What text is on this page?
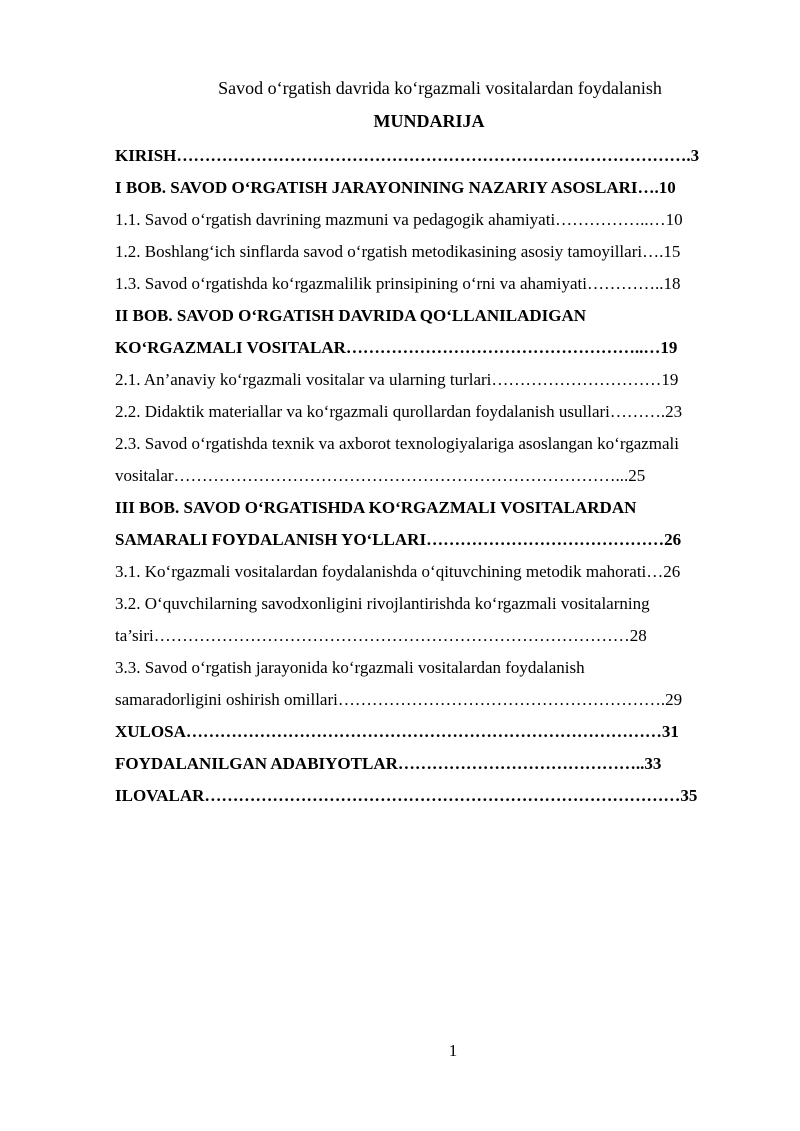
Savod o‘rgatish davrida ko‘rgazmali vositalardan foydalanish
MUNDARIJA
KIRISH……………………………………………………………………………….3
I BOB. SAVOD O‘RGATISH JARAYONINING NAZARIY ASOSLARI….10
1.1. Savod o‘rgatish davrining mazmuni va pedagogik ahamiyati……………..…10
1.2. Boshlang‘ich sinflarda savod o‘rgatish metodikasining asosiy tamoyillari….15
1.3. Savod o‘rgatishda ko‘rgazmalilik prinsipining o‘rni va ahamiyati…………..18
II BOB. SAVOD O‘RGATISH DAVRIDA QO‘LLANILADIGAN
KO‘RGAZMALI VOSITALAR……………………………………………..…19
2.1. An’anaviy ko‘rgazmali vositalar va ularning turlari…………………………19
2.2. Didaktik materiallar va ko‘rgazmali qurollardan foydalanish usullari……….23
2.3. Savod o‘rgatishda texnik va axborot texnologiyalariga asoslangan ko‘rgazmali
vositalar……………………………………………………………………...25
III BOB. SAVOD O‘RGATISHDA KO‘RGAZMALI VOSITALARDAN
SAMARALI FOYDALANISH YO‘LLARI……………………………………26
3.1. Ko‘rgazmali vositalardan foydalanishda o‘qituvchining metodik mahorati…26
3.2. O‘quvchilarning savodxonligini rivojlantirishda ko‘rgazmali vositalarning
ta’siri…………………………………………………………………………28
3.3. Savod o‘rgatish jarayonida ko‘rgazmali vositalardan foydalanish
samaradorligini oshirish omillari………………………………………………….29
XULOSA…………………………………………………………………………31
FOYDALANILGAN ADABIYOTLAR……………………………………..33
ILOVALAR…………………………………………………………………………35
1
